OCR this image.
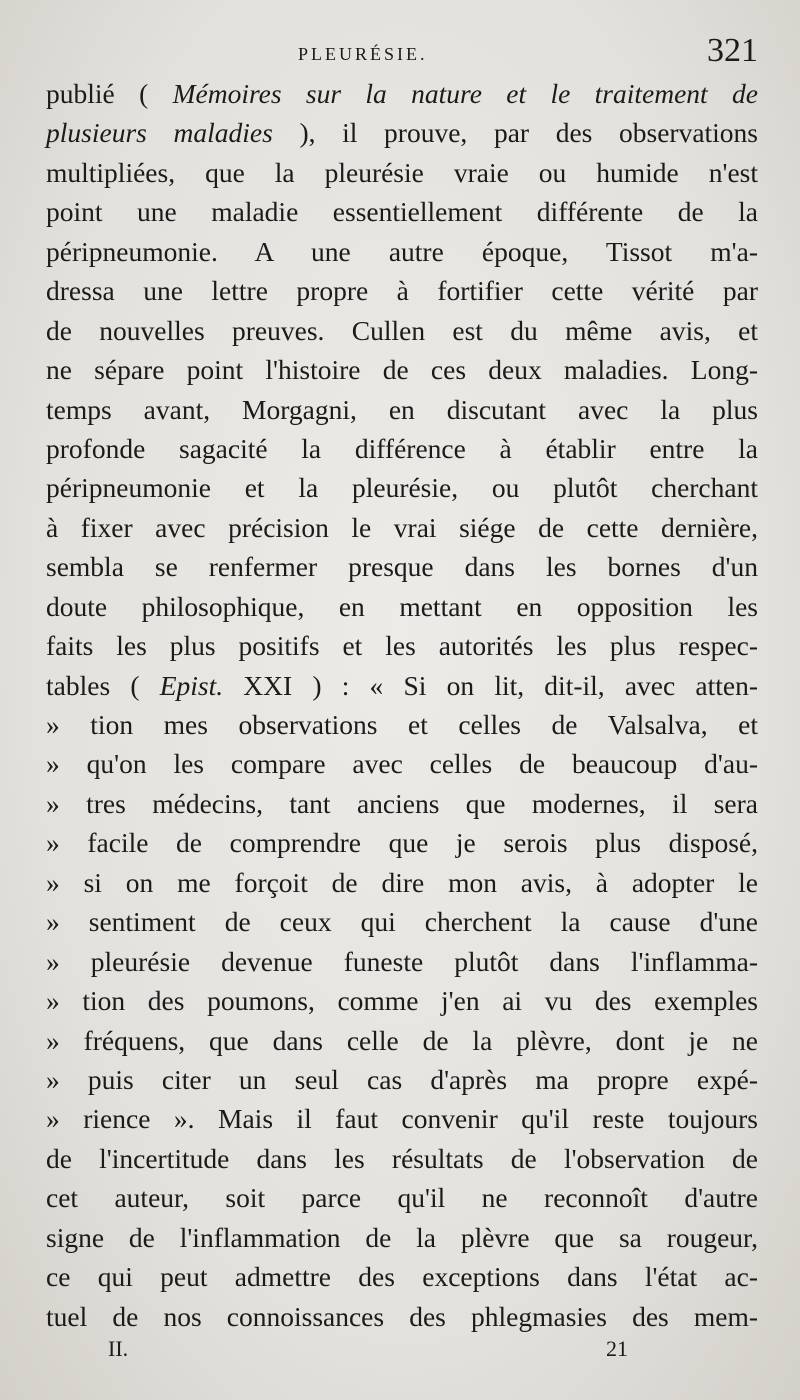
PLEURÉSIE.	321
publié ( Mémoires sur la nature et le traitement de
plusieurs maladies ), il prouve, par des observations
multipliées, que la pleurésie vraie ou humide n'est
point une maladie essentiellement différente de la
péripneumonie. A une autre époque, Tissot m'a-
dressa une lettre propre à fortifier cette vérité par
de nouvelles preuves. Cullen est du même avis, et
ne sépare point l'histoire de ces deux maladies. Long-
temps avant, Morgagni, en discutant avec la plus
profonde sagacité la différence à établir entre la
péripneumonie et la pleurésie, ou plutôt cherchant
à fixer avec précision le vrai siége de cette dernière,
sembla se renfermer presque dans les bornes d'un
doute philosophique, en mettant en opposition les
faits les plus positifs et les autorités les plus respec-
tables ( Epist. XXI ) : « Si on lit, dit-il, avec atten-
» tion mes observations et celles de Valsalva, et
» qu'on les compare avec celles de beaucoup d'au-
» tres médecins, tant anciens que modernes, il sera
» facile de comprendre que je serois plus disposé,
» si on me forçoit de dire mon avis, à adopter le
» sentiment de ceux qui cherchent la cause d'une
» pleurésie devenue funeste plutôt dans l'inflamma-
» tion des poumons, comme j'en ai vu des exemples
» fréquens, que dans celle de la plèvre, dont je ne
» puis citer un seul cas d'après ma propre expé-
» rience ». Mais il faut convenir qu'il reste toujours
de l'incertitude dans les résultats de l'observation de
cet auteur, soit parce qu'il ne reconnoît d'autre
signe de l'inflammation de la plèvre que sa rougeur,
ce qui peut admettre des exceptions dans l'état ac-
tuel de nos connoissances des phlegmasies des mem-
II.	21
